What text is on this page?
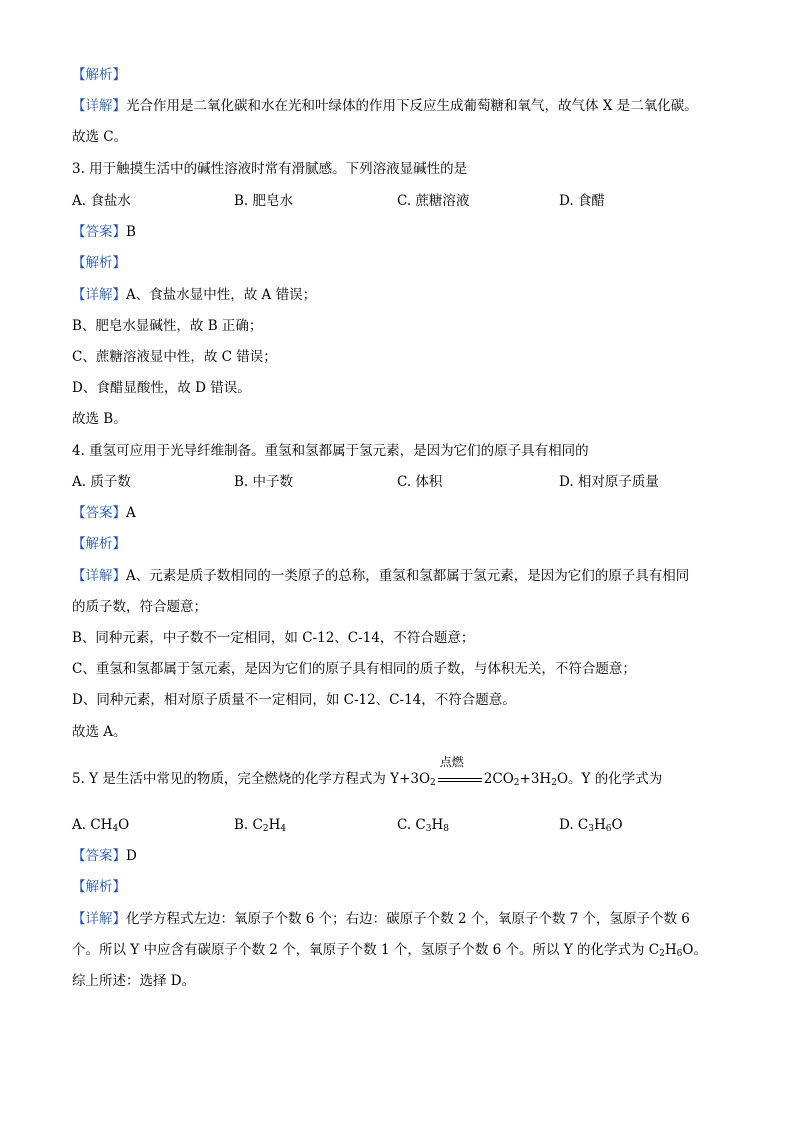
【解析】
【详解】光合作用是二氧化碳和水在光和叶绿体的作用下反应生成葡萄糖和氧气，故气体 X 是二氧化碳。
故选 C。
3. 用于触摸生活中的碱性溶液时常有滑腻感。下列溶液显碱性的是
A. 食盐水	B. 肥皂水	C. 蔗糖溶液	D. 食醋
【答案】B
【解析】
【详解】A、食盐水显中性，故 A 错误；
B、肥皂水显碱性，故 B 正确；
C、蔗糖溶液显中性，故 C 错误；
D、食醋显酸性，故 D 错误。
故选 B。
4. 重氢可应用于光导纤维制备。重氢和氢都属于氢元素，是因为它们的原子具有相同的
A. 质子数	B. 中子数	C. 体积	D. 相对原子质量
【答案】A
【解析】
【详解】A、元素是质子数相同的一类原子的总称，重氢和氢都属于氢元素，是因为它们的原子具有相同
的质子数，符合题意；
B、同种元素，中子数不一定相同，如 C-12、C-14，不符合题意；
C、重氢和氢都属于氢元素，是因为它们的原子具有相同的质子数，与体积无关，不符合题意；
D、同种元素，相对原子质量不一定相同，如 C-12、C-14，不符合题意。
故选 A。
5. Y 是生活中常见的物质，完全燃烧的化学方程式为 $Y+3O_2$
点燃
$2CO_2+3H_2O$。Y 的化学式为
A. $CH_4O$	B. $C_2H_4$	C. $C_3H_8$	D. $C_3H_6O$
【答案】D
【解析】
【详解】化学方程式左边：氧原子个数 6 个；右边：碳原子个数 2 个，氧原子个数 7 个，氢原子个数 6
个。所以 Y 中应含有碳原子个数 2 个，氧原子个数 1 个，氢原子个数 6 个。所以 Y 的化学式为 $C_2H_6O$。
综上所述：选择 D。
